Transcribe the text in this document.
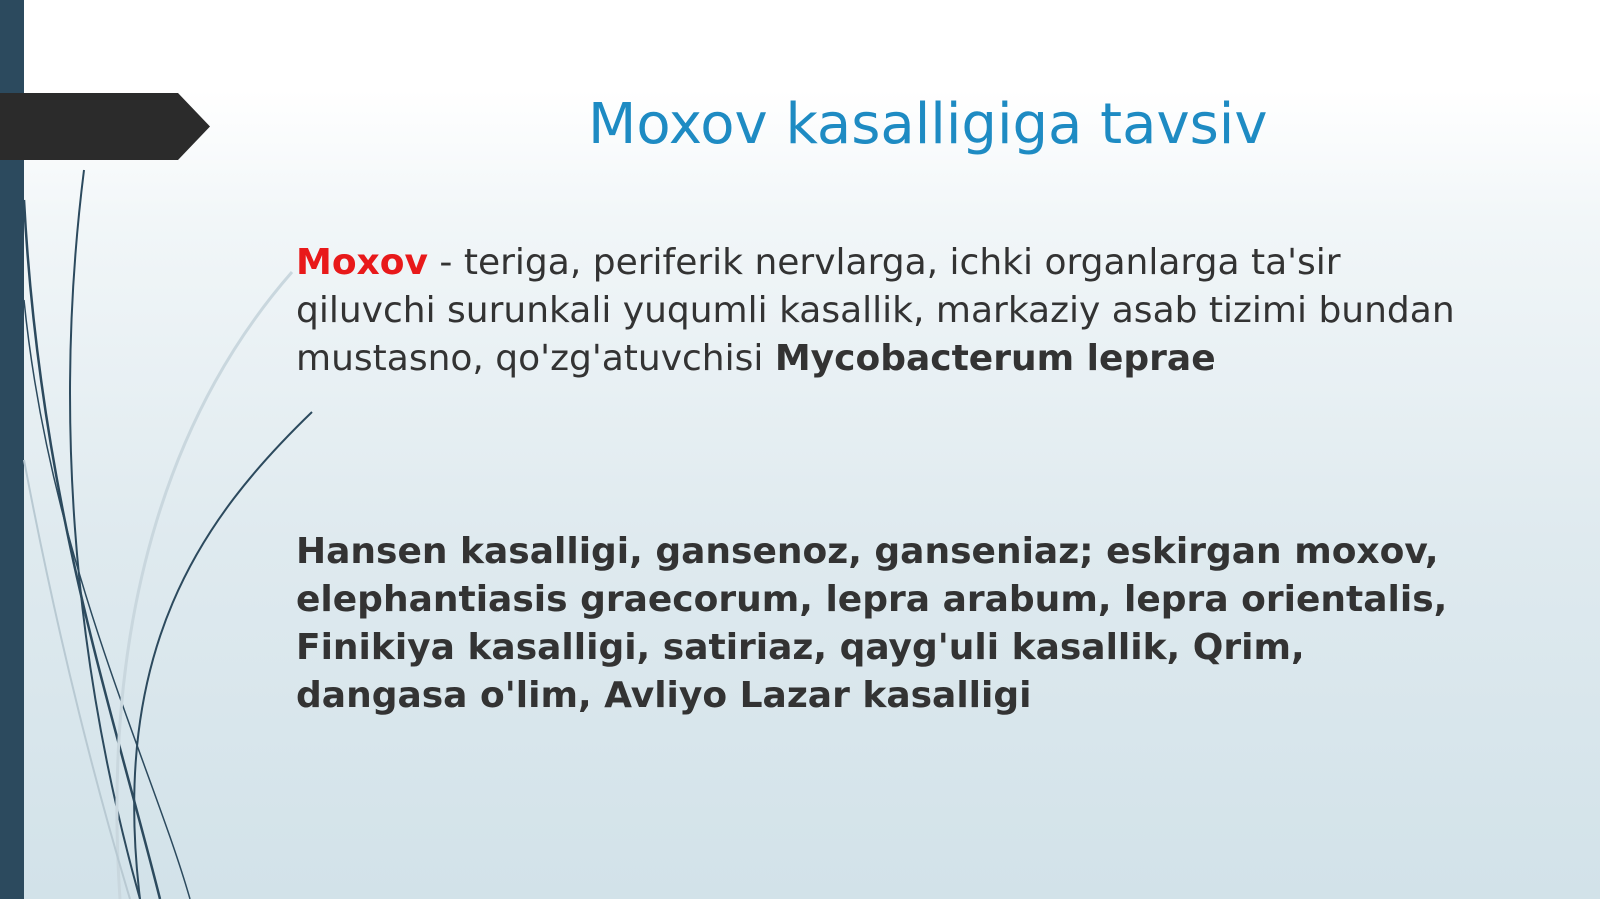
Moxov kasalligiga tavsiv

Moxov - teriga, periferik nervlarga, ichki organlarga ta'sir qiluvchi surunkali yuqumli kasallik, markaziy asab tizimi bundan mustasno, qo'zg'atuvchisi Mycobacterum leprae

Hansen kasalligi, gansenoz, ganseniaz; eskirgan moxov, elephantiasis graecorum, lepra arabum, lepra orientalis, Finikiya kasalligi, satiriaz, qayg'uli kasallik, Qrim, dangasa o'lim, Avliyo Lazar kasalligi
